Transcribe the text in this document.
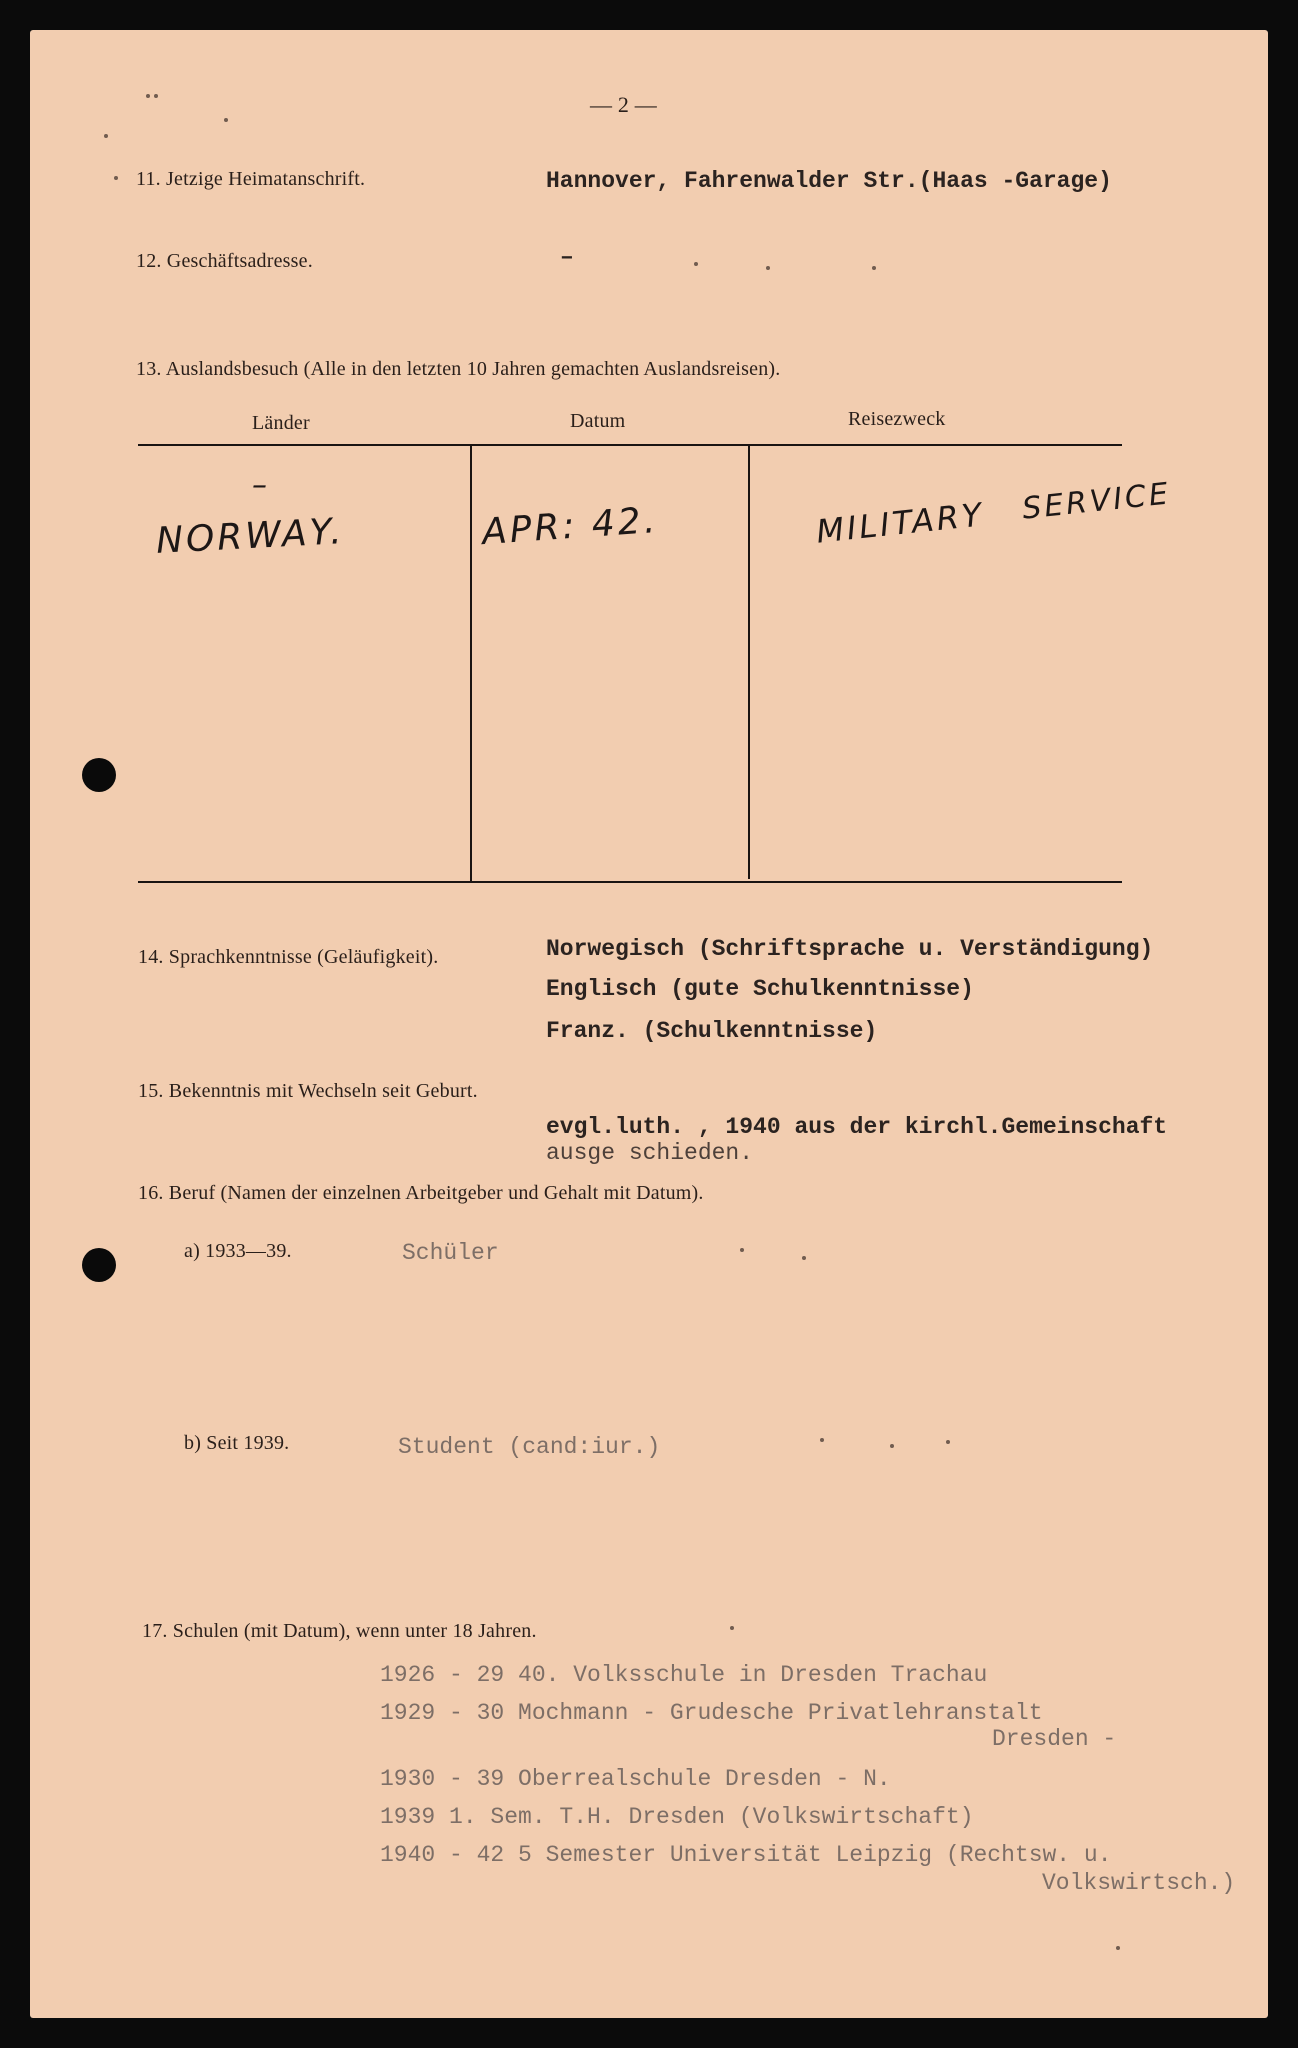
— 2 —
11. Jetzige Heimatanschrift.	Hannover, Fahrenwalder Str.(Haas -Garage)
12. Geschäftsadresse.	–
13. Auslandsbesuch (Alle in den letzten 10 Jahren gemachten Auslandsreisen).
Länder	Datum	Reisezweck
–
NORWAY.	APR: 42.	MILITARY SERVICE
14. Sprachkenntnisse (Geläufigkeit).	Norwegisch (Schriftsprache u. Verständigung)
Englisch (gute Schulkenntnisse)
Franz. (Schulkenntnisse)
15. Bekenntnis mit Wechseln seit Geburt.
evgl.luth. , 1940 aus der kirchl.Gemeinschaft
ausge schieden.
16. Beruf (Namen der einzelnen Arbeitgeber und Gehalt mit Datum).
a) 1933—39.	Schüler
b) Seit 1939.	Student (cand:iur.)
17. Schulen (mit Datum), wenn unter 18 Jahren.
1926 - 29 40. Volksschule in Dresden Trachau
1929 - 30 Mochmann - Grudesche Privatlehranstalt
Dresden -
1930 - 39 Oberrealschule Dresden - N.
1939 1. Sem. T.H. Dresden (Volkswirtschaft)
1940 - 42 5 Semester Universität Leipzig (Rechtsw. u.
Volkswirtsch.)
